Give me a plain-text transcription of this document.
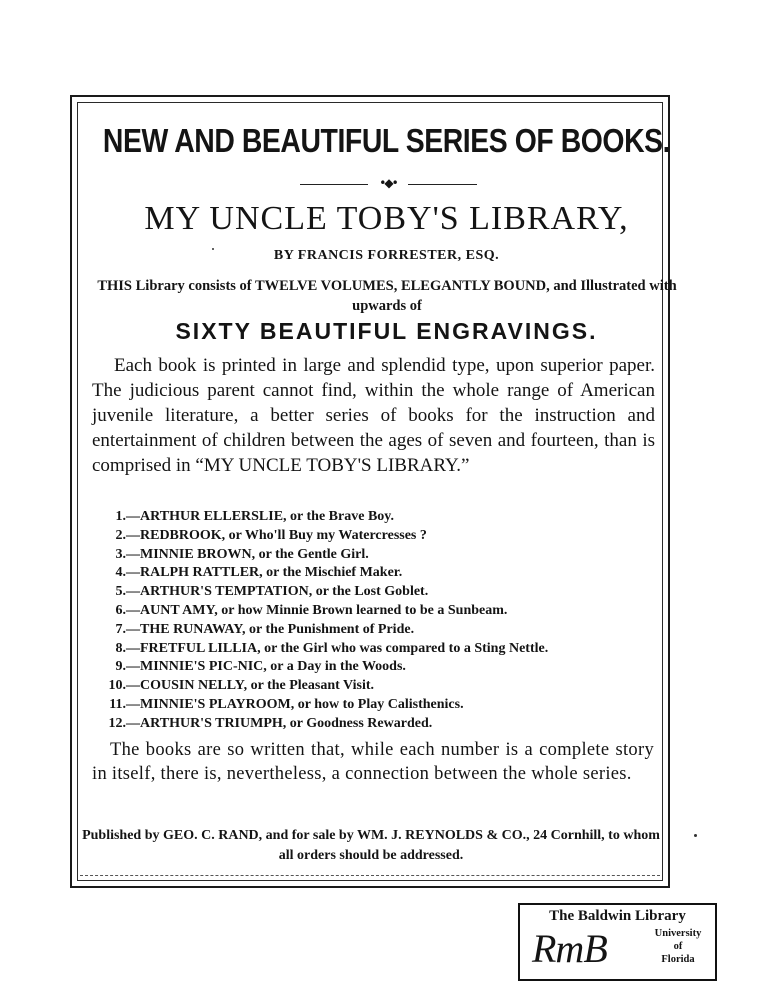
NEW AND BEAUTIFUL SERIES OF BOOKS.
•◆•
MY UNCLE TOBY'S LIBRARY,
BY FRANCIS FORRESTER, ESQ.
THIS Library consists of TWELVE VOLUMES, ELEGANTLY BOUND, and Illustrated with upwards of
SIXTY BEAUTIFUL ENGRAVINGS.
Each book is printed in large and splendid type, upon superior paper. The judicious parent cannot find, within the whole range of American juvenile literature, a better series of books for the instruction and entertainment of children between the ages of seven and fourteen, than is comprised in “MY UNCLE TOBY'S LIBRARY.”
1.—ARTHUR ELLERSLIE, or the Brave Boy.
2.—REDBROOK, or Who'll Buy my Watercresses ?
3.—MINNIE BROWN, or the Gentle Girl.
4.—RALPH RATTLER, or the Mischief Maker.
5.—ARTHUR'S TEMPTATION, or the Lost Goblet.
6.—AUNT AMY, or how Minnie Brown learned to be a Sunbeam.
7.—THE RUNAWAY, or the Punishment of Pride.
8.—FRETFUL LILLIA, or the Girl who was compared to a Sting Nettle.
9.—MINNIE'S PIC-NIC, or a Day in the Woods.
10.—COUSIN NELLY, or the Pleasant Visit.
11.—MINNIE'S PLAYROOM, or how to Play Calisthenics.
12.—ARTHUR'S TRIUMPH, or Goodness Rewarded.
The books are so written that, while each number is a complete story in itself, there is, nevertheless, a connection between the whole series.
Published by GEO. C. RAND, and for sale by WM. J. REYNOLDS & CO., 24 Cornhill, to whom all orders should be addressed.
The Baldwin Library
RmB	University
of
Florida
